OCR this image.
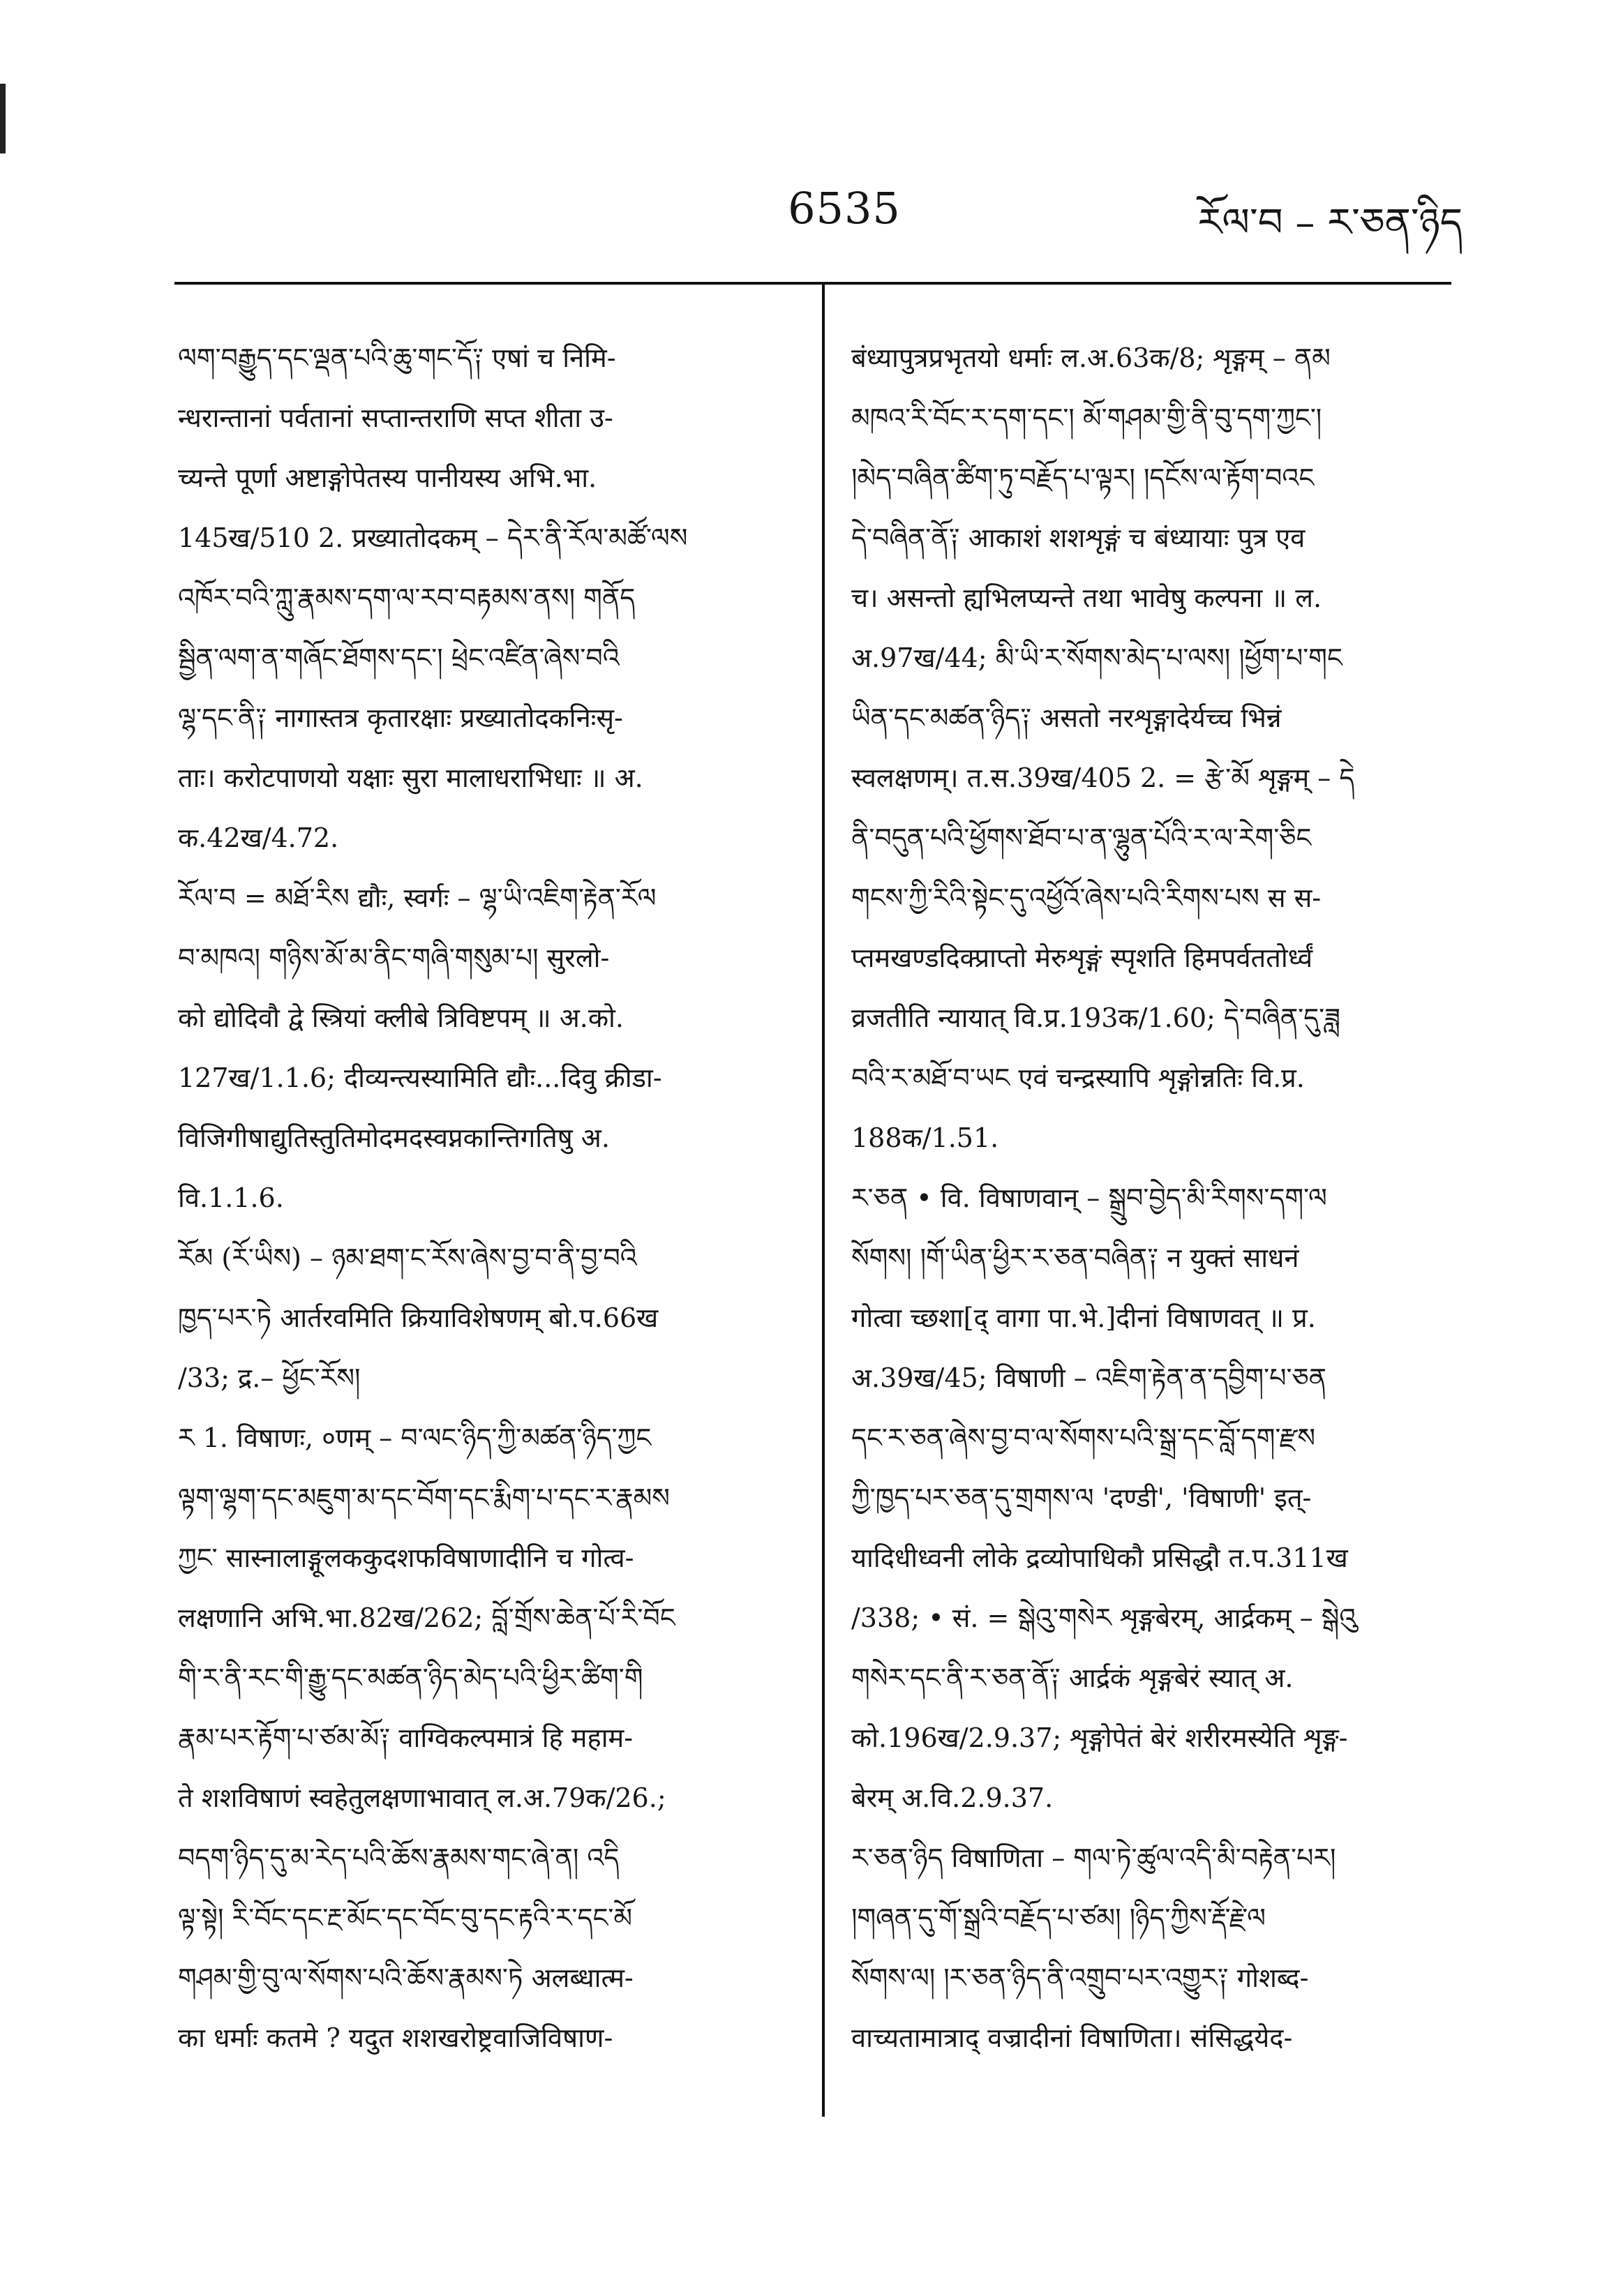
6535	རོལ་བ – ར་ཅན་ཉིད
ལག་བརྒྱུད་དང་ལྡན་པའི་ཆུ་གང་དོ༑ एषां च निमि-
न्धरान्तानां पर्वतानां सप्तान्तराणि सप्त शीता उ-
च्यन्ते पूर्णा अष्टाङ्गोपेतस्य पानीयस्य अभि.भा.
145ख/510 2. प्रख्यातोदकम् – དེར་ནི་རོལ་མཚོ་ལས
འཁོར་བའི་ཀླུ་རྣམས་དག་ལ་རབ་བརྟམས་ནས། གནོད
སྦྱིན་ལག་ན་གཞོང་ཐོགས་དང་། ཕྲེང་འཛིན་ཞེས་བའི
ལྷ་དང་ནི༑ नागास्तत्र कृतारक्षाः प्रख्यातोदकनिःसृ-
ताः। करोटपाणयो यक्षाः सुरा मालाधराभिधाः ॥ अ.
क.42ख/4.72.
རོལ་བ = མཐོ་རིས द्यौः, स्वर्गः – ལྷ་ཡི་འཇིག་རྟེན་རོལ
བ་མཁའ། གཉིས་མོ་མ་ནིང་གཞི་གསུམ་པ། सुरलो-
को द्योदिवौ द्वे स्त्रियां क्लीबे त्रिविष्टपम् ॥ अ.को.
127ख/1.1.6; दीव्यन्त्यस्यामिति द्यौः...दिवु क्रीडा-
विजिगीषाद्युतिस्तुतिमोदमदस्वप्नकान्तिगतिषु अ.
वि.1.1.6.
རོམ (རོ་ཡིས) – ཉམ་ཐག་ང་རོས་ཞེས་བྱ་བ་ནི་བྱ་བའི
ཁྱད་པར་ཏེ आर्तरवमिति क्रियाविशेषणम् बो.प.66ख
/33; द्र.– ཕྱོང་རོས།
ར 1. विषाणः, ०णम् – བ་ལང་ཉིད་ཀྱི་མཚན་ཉིད་ཀྱང
ལྟག་ལྷག་དང་མཇུག་མ་དང་བོག་དང་རྨིག་པ་དང་ར་རྣམས
ཀྱང་ सास्नालाङ्गूलककुदशफविषाणादीनि च गोत्व-
लक्षणानि अभि.भा.82ख/262; བློ་གྲོས་ཆེན་པོ་རི་བོང
གི་ར་ནི་རང་གི་རྒྱུ་དང་མཚན་ཉིད་མེད་པའི་ཕྱིར་ཚིག་གི
རྣམ་པར་རྟོག་པ་ཙམ་མོ༑ वाग्विकल्पमात्रं हि महाम-
ते शशविषाणं स्वहेतुलक्षणाभावात् ल.अ.79क/26.;
བདག་ཉིད་དུ་མ་རེད་པའི་ཆོས་རྣམས་གང་ཞེ་ན། འདི
ལྟ་སྟེ། རི་བོང་དང་རྔ་མོང་དང་བོང་བུ་དང་རྟའི་ར་དང་མོ
གཤམ་གྱི་བུ་ལ་སོགས་པའི་ཆོས་རྣམས་ཏེ अलब्धात्म-
का धर्माः कतमे ? यदुत शशखरोष्ट्रवाजिविषाण-
बंध्यापुत्रप्रभृतयो धर्माः ल.अ.63क/8; शृङ्गम् – ནམ
མཁའ་རི་བོང་ར་དག་དང་། མོ་གཤམ་གྱི་ནི་བུ་དག་ཀྱང་།
།མེད་བཞིན་ཚིག་ཏུ་བརྗོད་པ་ལྟར། །དངོས་ལ་རྟོག་བའང
དེ་བཞིན་ནོ༑ आकाशं शशशृङ्गं च बंध्यायाः पुत्र एव
च। असन्तो ह्यभिलप्यन्ते तथा भावेषु कल्पना ॥ ल.
अ.97ख/44; མི་ཡི་ར་སོགས་མེད་པ་ལས། །ཕྱོག་པ་གང
ཡིན་དང་མཚན་ཉིད༑ असतो नरशृङ्गादेर्यच्च भिन्नं
स्वलक्षणम्। त.स.39ख/405 2. = རྩེ་མོ शृङ्गम् – དེ
ནི་བདུན་པའི་ཕྱོགས་ཐོབ་པ་ན་ལྷུན་པོའི་ར་ལ་རེག་ཅིང
གངས་ཀྱི་རིའི་སྟེང་དུ་འཕྱོའོ་ཞེས་པའི་རིགས་པས स स-
प्तमखण्डदिक्प्राप्तो मेरुशृङ्गं स्पृशति हिमपर्वततोर्ध्वं
व्रजतीति न्यायात् वि.प्र.193क/1.60; དེ་བཞིན་དུ་ཟླ
བའི་ར་མཐོ་བ་ཡང एवं चन्द्रस्यापि शृङ्गोन्नतिः वि.प्र.
188क/1.51.
ར་ཅན • वि. विषाणवान् – སྒྲུབ་བྱེད་མི་རིགས་དག་ལ
སོགས། །གོ་ཡིན་ཕྱིར་ར་ཅན་བཞིན༑ न युक्तं साधनं
गोत्वा च्छशा[द् वागा पा.भे.]दीनां विषाणवत् ॥ प्र.
अ.39ख/45; विषाणी – འཇིག་རྟེན་ན་དབྱིག་པ་ཅན
དང་ར་ཅན་ཞེས་བྱ་བ་ལ་སོགས་པའི་སྒྲ་དང་བློ་དག་རྫས
ཀྱི་ཁྱད་པར་ཅན་དུ་གྲགས་ལ 'दण्डी', 'विषाणी' इत्-
यादिधीध्वनी लोके द्रव्योपाधिकौ प्रसिद्धौ त.प.311ख
/338; • सं. = སྒེའུ་གསེར शृङ्गबेरम्, आर्द्रकम् – སྒེའུ
གསེར་དང་ནི་ར་ཅན་ནོ༑ आर्द्रकं शृङ्गबेरं स्यात् अ.
को.196ख/2.9.37; शृङ्गोपेतं बेरं शरीरमस्येति शृङ्ग-
बेरम् अ.वि.2.9.37.
ར་ཅན་ཉིད विषाणिता – གལ་ཏེ་ཚུལ་འདི་མི་བརྟེན་པར།
།གཞན་དུ་གོ་སྒྲའི་བརྗོད་པ་ཙམ། །ཉིད་ཀྱིས་རྡོ་རྗེ་ལ
སོགས་ལ། །ར་ཅན་ཉིད་ནི་འགྲུབ་པར་འགྱུར༑ गोशब्द-
वाच्यतामात्राद् वज्रादीनां विषाणिता। संसिद्धयेद-
